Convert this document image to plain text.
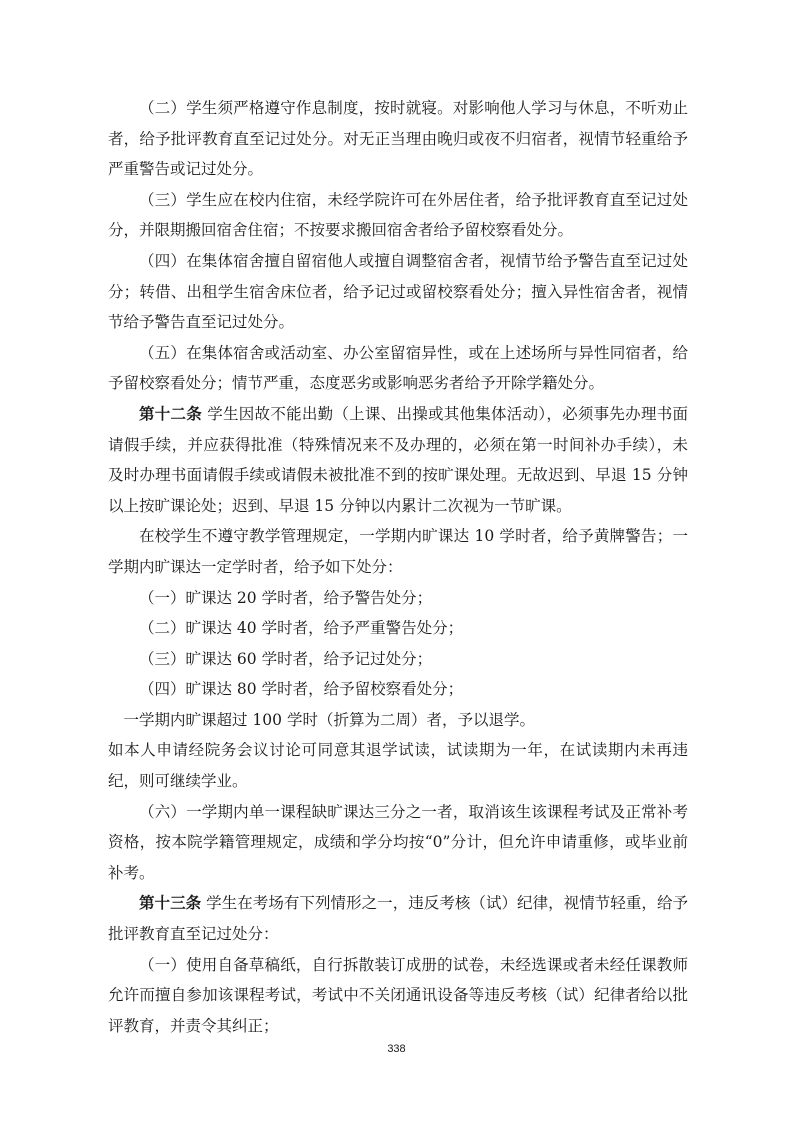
（二）学生须严格遵守作息制度，按时就寝。对影响他人学习与休息，不听劝止者，给予批评教育直至记过处分。对无正当理由晚归或夜不归宿者，视情节轻重给予严重警告或记过处分。

（三）学生应在校内住宿，未经学院许可在外居住者，给予批评教育直至记过处分，并限期搬回宿舍住宿；不按要求搬回宿舍者给予留校察看处分。

（四）在集体宿舍擅自留宿他人或擅自调整宿舍者，视情节给予警告直至记过处分；转借、出租学生宿舍床位者，给予记过或留校察看处分；擅入异性宿舍者，视情节给予警告直至记过处分。

（五）在集体宿舍或活动室、办公室留宿异性，或在上述场所与异性同宿者，给予留校察看处分；情节严重，态度恶劣或影响恶劣者给予开除学籍处分。

第十二条 学生因故不能出勤（上课、出操或其他集体活动），必须事先办理书面请假手续，并应获得批准（特殊情况来不及办理的，必须在第一时间补办手续），未及时办理书面请假手续或请假未被批准不到的按旷课处理。无故迟到、早退 15 分钟以上按旷课论处；迟到、早退 15 分钟以内累计二次视为一节旷课。

在校学生不遵守教学管理规定，一学期内旷课达 10 学时者，给予黄牌警告；一学期内旷课达一定学时者，给予如下处分：

（一）旷课达 20 学时者，给予警告处分；

（二）旷课达 40 学时者，给予严重警告处分；

（三）旷课达 60 学时者，给予记过处分；

（四）旷课达 80 学时者，给予留校察看处分；

一学期内旷课超过 100 学时（折算为二周）者，予以退学。

如本人申请经院务会议讨论可同意其退学试读，试读期为一年，在试读期内未再违纪，则可继续学业。

（六）一学期内单一课程缺旷课达三分之一者，取消该生该课程考试及正常补考资格，按本院学籍管理规定，成绩和学分均按“0”分计，但允许申请重修，或毕业前补考。

第十三条 学生在考场有下列情形之一，违反考核（试）纪律，视情节轻重，给予批评教育直至记过处分：

（一）使用自备草稿纸，自行拆散装订成册的试卷，未经选课或者未经任课教师允许而擅自参加该课程考试，考试中不关闭通讯设备等违反考核（试）纪律者给以批评教育，并责令其纠正；

338
